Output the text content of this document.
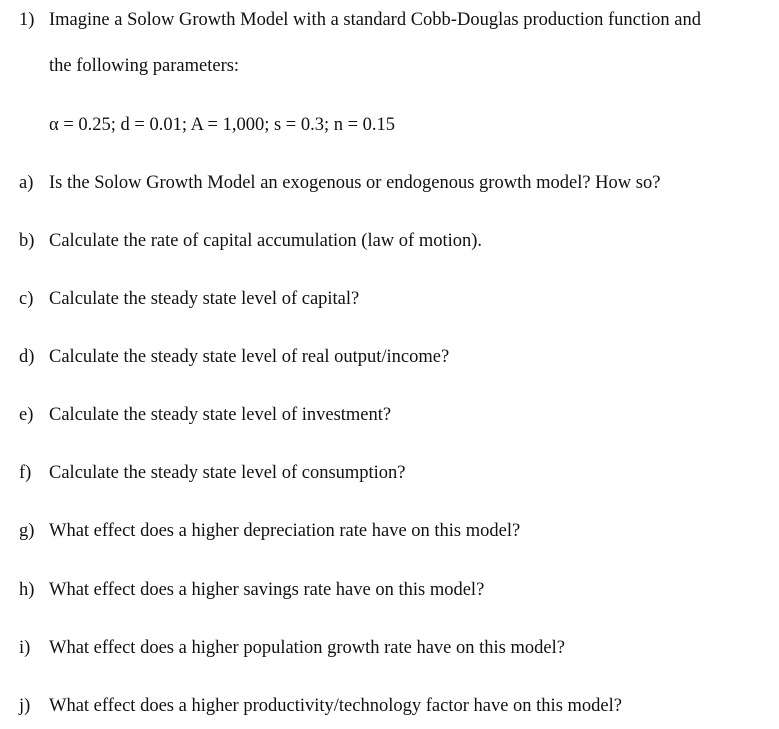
1) Imagine a Solow Growth Model with a standard Cobb-Douglas production function and
the following parameters:
α = 0.25; d = 0.01; A = 1,000; s = 0.3; n = 0.15
a) Is the Solow Growth Model an exogenous or endogenous growth model? How so?
b) Calculate the rate of capital accumulation (law of motion).
c) Calculate the steady state level of capital?
d) Calculate the steady state level of real output/income?
e) Calculate the steady state level of investment?
f) Calculate the steady state level of consumption?
g) What effect does a higher depreciation rate have on this model?
h) What effect does a higher savings rate have on this model?
i) What effect does a higher population growth rate have on this model?
j) What effect does a higher productivity/technology factor have on this model?
